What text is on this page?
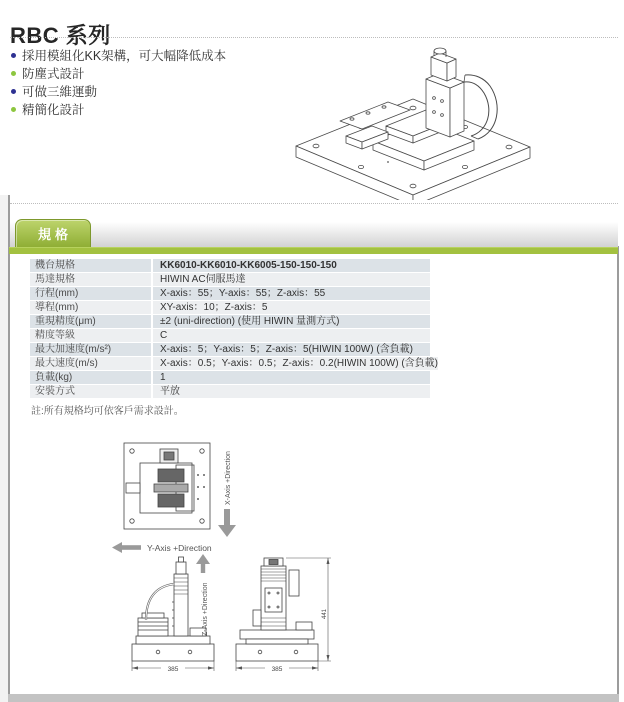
RBC 系列
採用模組化KK架構，可大幅降低成本
防塵式設計
可做三維運動
精簡化設計
規格
機台規格	KK6010-KK6010-KK6005-150-150-150
馬達規格	HIWIN AC伺服馬達
行程(mm)	X-axis：55；Y-axis：55；Z-axis：55
導程(mm)	XY-axis：10；Z-axis：5
重現精度(μm)	±2 (uni-direction) (使用 HIWIN 量測方式)
精度等級	C
最大加速度(m/s²)	X-axis：5；Y-axis：5；Z-axis：5(HIWIN 100W) (含負載)
最大速度(m/s)	X-axis：0.5；Y-axis：0.5；Z-axis：0.2(HIWIN 100W) (含負載)
負載(kg)	1
安裝方式	平放
註:所有規格均可依客戶需求設計。
X-Axis +Direction
Y-Axis +Direction
Z-Axis +Direction
385	385
441
